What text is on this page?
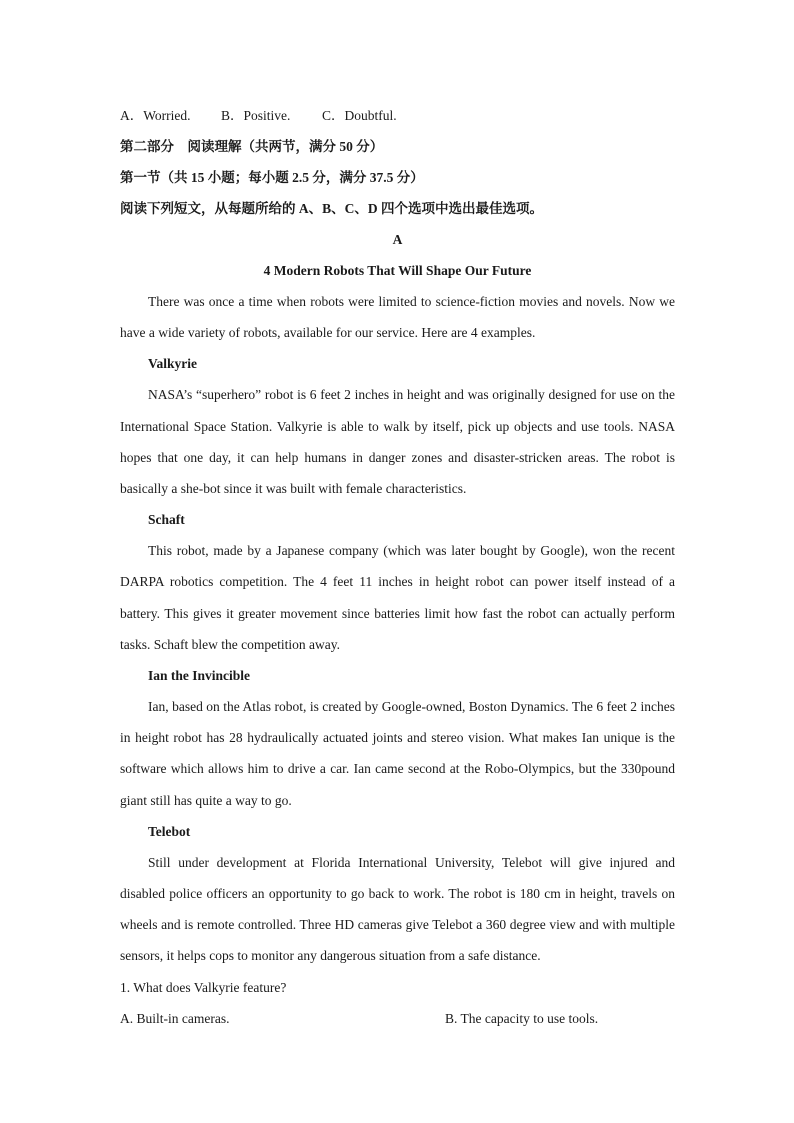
A．Worried. B．Positive. C．Doubtful.
第二部分　阅读理解（共两节，满分 50 分）
第一节（共 15 小题；每小题 2.5 分，满分 37.5 分）
阅读下列短文，从每题所给的 A、B、C、D 四个选项中选出最佳选项。
A
4 Modern Robots That Will Shape Our Future
There was once a time when robots were limited to science-fiction movies and novels. Now we have a wide variety of robots, available for our service. Here are 4 examples.
Valkyrie
NASA’s “superhero” robot is 6 feet 2 inches in height and was originally designed for use on the International Space Station. Valkyrie is able to walk by itself, pick up objects and use tools. NASA hopes that one day, it can help humans in danger zones and disaster-stricken areas. The robot is basically a she-bot since it was built with female characteristics.
Schaft
This robot, made by a Japanese company (which was later bought by Google), won the recent DARPA robotics competition. The 4 feet 11 inches in height robot can power itself instead of a battery. This gives it greater movement since batteries limit how fast the robot can actually perform tasks. Schaft blew the competition away.
Ian the Invincible
Ian, based on the Atlas robot, is created by Google-owned, Boston Dynamics. The 6 feet 2 inches in height robot has 28 hydraulically actuated joints and stereo vision. What makes Ian unique is the software which allows him to drive a car. Ian came second at the Robo-Olympics, but the 330pound giant still has quite a way to go.
Telebot
Still under development at Florida International University, Telebot will give injured and disabled police officers an opportunity to go back to work. The robot is 180 cm in height, travels on wheels and is remote controlled. Three HD cameras give Telebot a 360 degree view and with multiple sensors, it helps cops to monitor any dangerous situation from a safe distance.
1. What does Valkyrie feature?
A. Built-in cameras.	B. The capacity to use tools.
